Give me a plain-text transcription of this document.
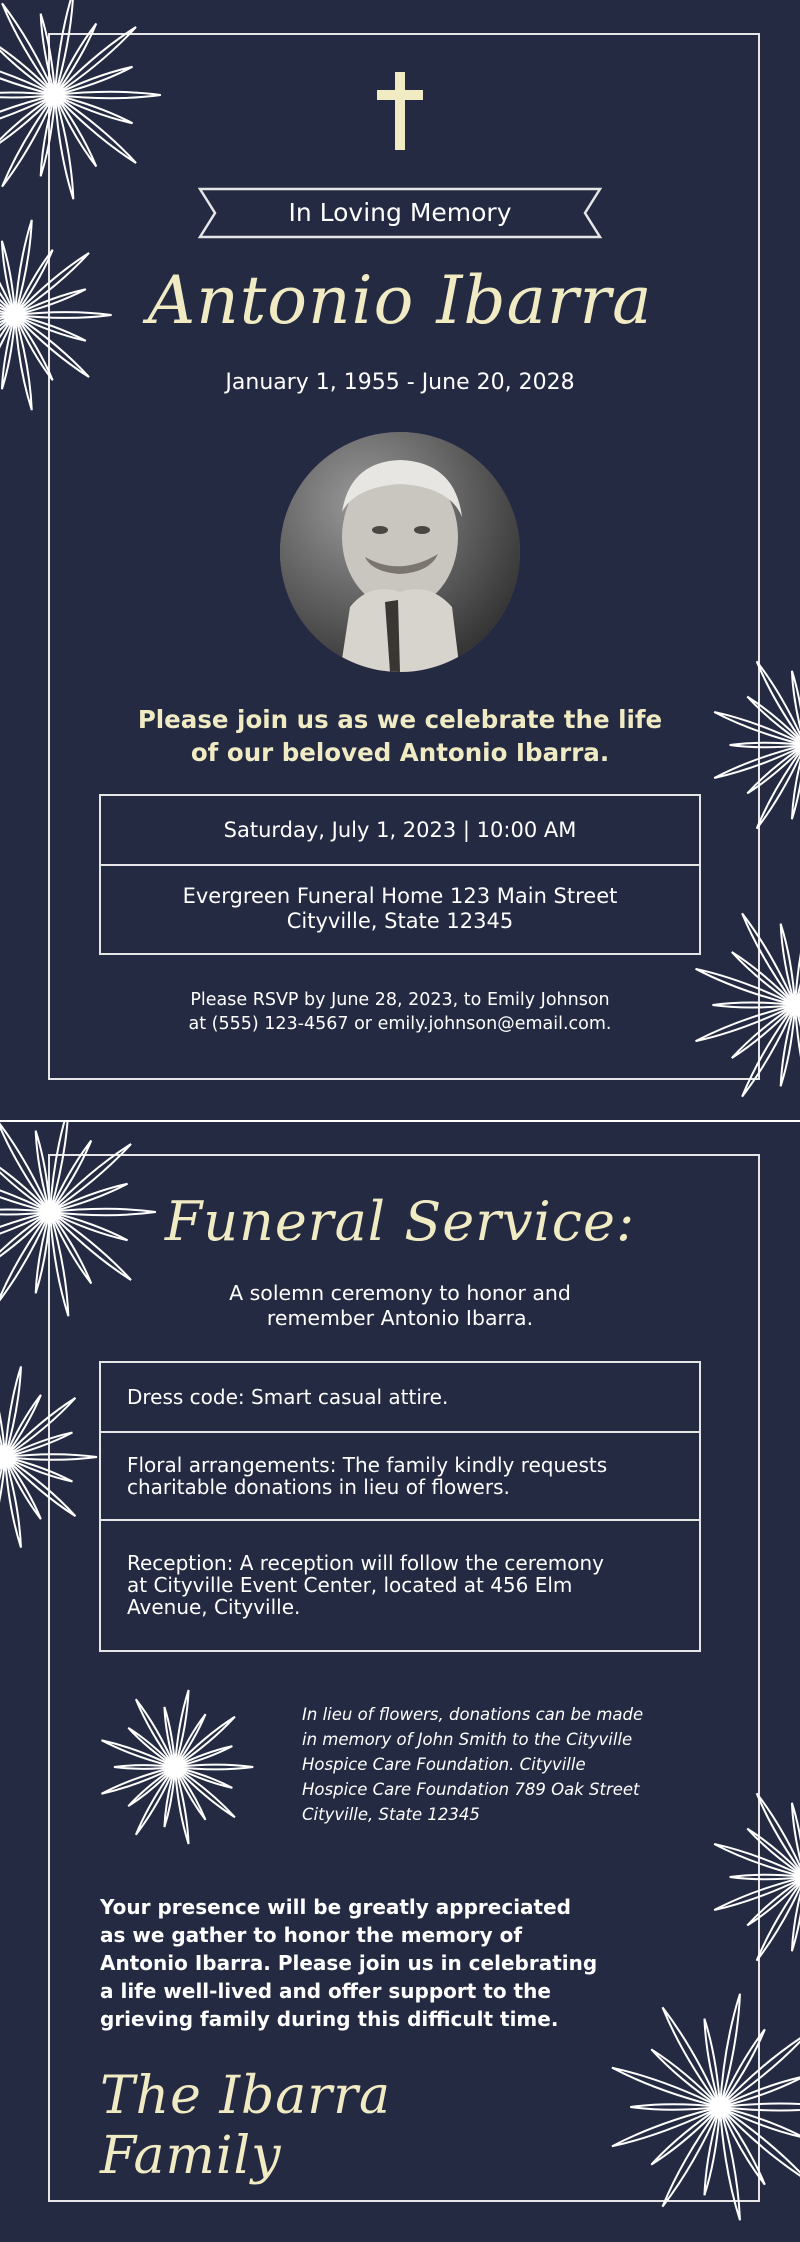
In Loving Memory
Antonio Ibarra
January 1, 1955 - June 20, 2028
Please join us as we celebrate the life
of our beloved Antonio Ibarra.
Saturday, July 1, 2023 | 10:00 AM
Evergreen Funeral Home 123 Main Street
Cityville, State 12345
Please RSVP by June 28, 2023, to Emily Johnson
at (555) 123-4567 or emily.johnson@email.com.
Funeral Service:
A solemn ceremony to honor and
remember Antonio Ibarra.
Dress code: Smart casual attire.
Floral arrangements: The family kindly requests
charitable donations in lieu of flowers.
Reception: A reception will follow the ceremony
at Cityville Event Center, located at 456 Elm
Avenue, Cityville.
In lieu of flowers, donations can be made
in memory of John Smith to the Cityville
Hospice Care Foundation. Cityville
Hospice Care Foundation 789 Oak Street
Cityville, State 12345
Your presence will be greatly appreciated
as we gather to honor the memory of
Antonio Ibarra. Please join us in celebrating
a life well-lived and offer support to the
grieving family during this difficult time.
The Ibarra Family
